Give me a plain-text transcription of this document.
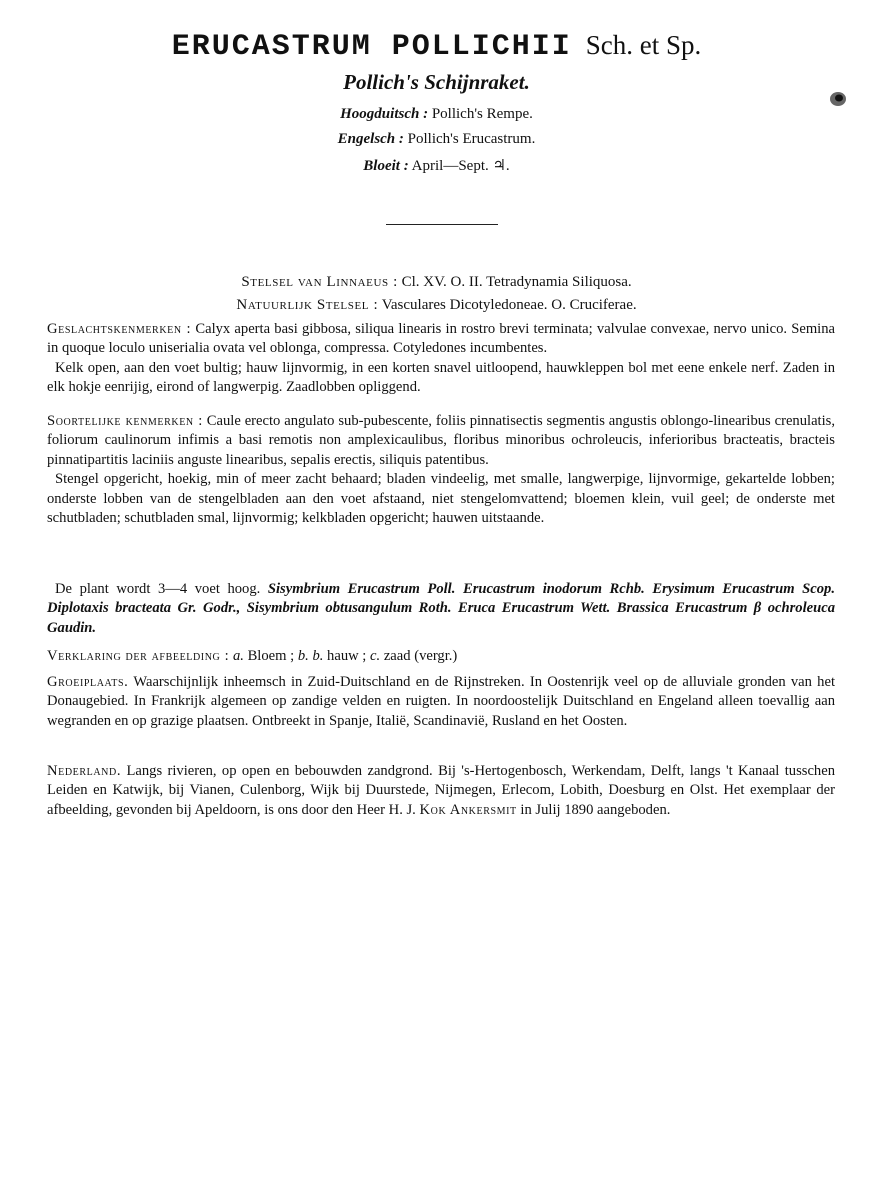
ERUCASTRUM POLLICHII Sch. et Sp.
Pollich's Schijnraket.
Hoogduitsch : Pollich's Rempe.
Engelsch : Pollich's Erucastrum.
Bloeit : April—Sept. ♃.
Stelsel van Linnaeus : Cl. XV. O. II. Tetradynamia Siliquosa.
Natuurlijk Stelsel : Vasculares Dicotyledoneae. O. Cruciferae.

Geslachtskenmerken : Calyx aperta basi gibbosa, siliqua linearis in rostro brevi terminata; valvulae convexae, nervo unico. Semina in quoque loculo uniserialia ovata vel oblonga, compressa. Cotyledones incumbentes.

Kelk open, aan den voet bultig; hauw lijnvormig, in een korten snavel uitloopend, hauwkleppen bol met eene enkele nerf. Zaden in elk hokje eenrijig, eirond of langwerpig. Zaadlobben opliggend.

Soortelijke kenmerken : Caule erecto angulato sub-pubescente, foliis pinnatisectis segmentis angustis oblongo-linearibus crenulatis, foliorum caulinorum infimis a basi remotis non amplexicaulibus, floribus minoribus ochroleucis, inferioribus bracteatis, bracteis pinnatipartitis laciniis anguste linearibus, sepalis erectis, siliquis patentibus.

Stengel opgericht, hoekig, min of meer zacht behaard; bladen vindeelig, met smalle, langwerpige, lijnvormige, gekartelde lobben; onderste lobben van de stengelbladen aan den voet afstaand, niet stengelomvattend; bloemen klein, vuil geel; de onderste met schutbladen; schutbladen smal, lijnvormig; kelkbladen opgericht; hauwen uitstaande.

De plant wordt 3—4 voet hoog. Sisymbrium Erucastrum Poll. Erucastrum inodorum Rchb. Erysimum Erucastrum Scop. Diplotaxis bracteata Gr. Godr., Sisymbrium obtusangulum Roth. Eruca Erucastrum Wett. Brassica Erucastrum β ochroleuca Gaudin.

Verklaring der afbeelding : a. Bloem ; b. b. hauw ; c. zaad (vergr.)

Groeiplaats. Waarschijnlijk inheemsch in Zuid-Duitschland en de Rijnstreken. In Oostenrijk veel op de alluviale gronden van het Donaugebied. In Frankrijk algemeen op zandige velden en ruigten. In noordoostelijk Duitschland en Engeland alleen toevallig aan wegranden en op grazige plaatsen. Ontbreekt in Spanje, Italië, Scandinavië, Rusland en het Oosten.

Nederland. Langs rivieren, op open en bebouwden zandgrond. Bij 's-Hertogenbosch, Werkendam, Delft, langs 't Kanaal tusschen Leiden en Katwijk, bij Vianen, Culenborg, Wijk bij Duurstede, Nijmegen, Erlecom, Lobith, Doesburg en Olst. Het exemplaar der afbeelding, gevonden bij Apeldoorn, is ons door den Heer H. J. Kok Ankersmit in Julij 1890 aangeboden.
